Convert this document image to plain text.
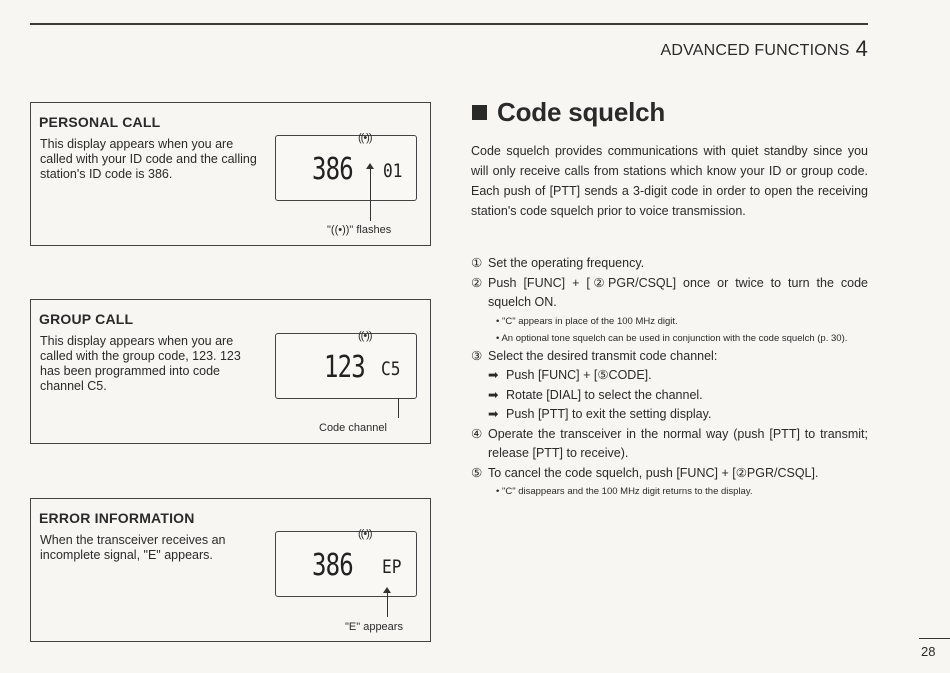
ADVANCED FUNCTIONS 4
PERSONAL CALL

This display appears when you are called with your ID code and the calling station's ID code is 386.

((•))
386 01
"((•))" flashes
GROUP CALL

This display appears when you are called with the group code, 123. 123 has been programmed into code channel C5.

((•))
123 C5
Code channel
ERROR INFORMATION

When the transceiver receives an incomplete signal, "E" appears.

((•))
386 EP
"E" appears
Code squelch

Code squelch provides communications with quiet standby since you will only receive calls from stations which know your ID or group code. Each push of [PTT] sends a 3-digit code in order to open the receiving station's code squelch prior to voice transmission.

① Set the operating frequency.
② Push [FUNC] + [②PGR/CSQL] once or twice to turn the code squelch ON.
• "C" appears in place of the 100 MHz digit.
• An optional tone squelch can be used in conjunction with the code squelch (p. 30).
③ Select the desired transmit code channel:
➡ Push [FUNC] + [⑤CODE].
➡ Rotate [DIAL] to select the channel.
➡ Push [PTT] to exit the setting display.
④ Operate the transceiver in the normal way (push [PTT] to transmit; release [PTT] to receive).
⑤ To cancel the code squelch, push [FUNC] + [②PGR/CSQL].
• "C" disappears and the 100 MHz digit returns to the display.
28
